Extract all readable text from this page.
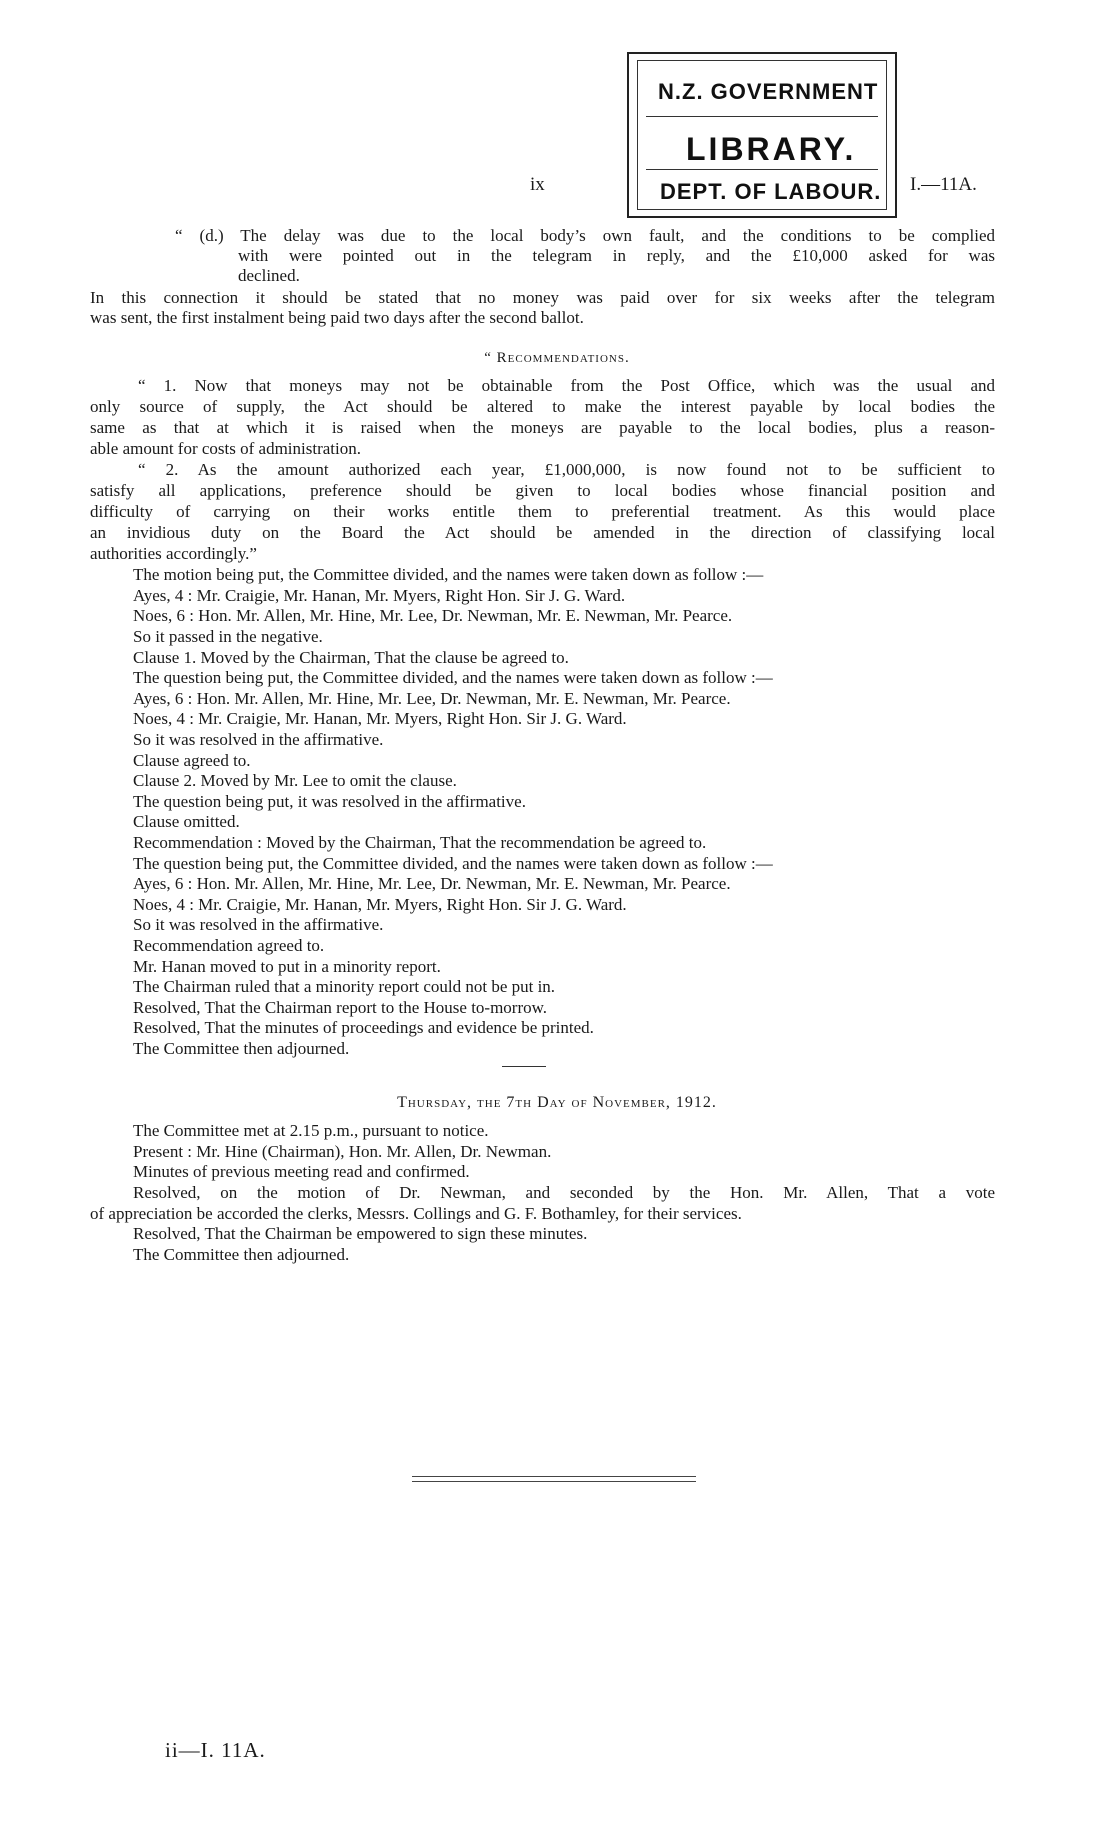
N.Z. GOVERNMENT
LIBRARY.
DEPT. OF LABOUR.
ix	I.—11A.
“ (d.) The delay was due to the local body’s own fault, and the conditions to be complied
with were pointed out in the telegram in reply, and the £10,000 asked for was
declined.
In this connection it should be stated that no money was paid over for six weeks after the telegram
was sent, the first instalment being paid two days after the second ballot.
“ Recommendations.
“ 1. Now that moneys may not be obtainable from the Post Office, which was the usual and
only source of supply, the Act should be altered to make the interest payable by local bodies the
same as that at which it is raised when the moneys are payable to the local bodies, plus a reason-
able amount for costs of administration.
“ 2. As the amount authorized each year, £1,000,000, is now found not to be sufficient to
satisfy all applications, preference should be given to local bodies whose financial position and
difficulty of carrying on their works entitle them to preferential treatment. As this would place
an invidious duty on the Board the Act should be amended in the direction of classifying local
authorities accordingly.”
The motion being put, the Committee divided, and the names were taken down as follow :—
Ayes, 4 : Mr. Craigie, Mr. Hanan, Mr. Myers, Right Hon. Sir J. G. Ward.
Noes, 6 : Hon. Mr. Allen, Mr. Hine, Mr. Lee, Dr. Newman, Mr. E. Newman, Mr. Pearce.
So it passed in the negative.
Clause 1. Moved by the Chairman, That the clause be agreed to.
The question being put, the Committee divided, and the names were taken down as follow :—
Ayes, 6 : Hon. Mr. Allen, Mr. Hine, Mr. Lee, Dr. Newman, Mr. E. Newman, Mr. Pearce.
Noes, 4 : Mr. Craigie, Mr. Hanan, Mr. Myers, Right Hon. Sir J. G. Ward.
So it was resolved in the affirmative.
Clause agreed to.
Clause 2. Moved by Mr. Lee to omit the clause.
The question being put, it was resolved in the affirmative.
Clause omitted.
Recommendation : Moved by the Chairman, That the recommendation be agreed to.
The question being put, the Committee divided, and the names were taken down as follow :—
Ayes, 6 : Hon. Mr. Allen, Mr. Hine, Mr. Lee, Dr. Newman, Mr. E. Newman, Mr. Pearce.
Noes, 4 : Mr. Craigie, Mr. Hanan, Mr. Myers, Right Hon. Sir J. G. Ward.
So it was resolved in the affirmative.
Recommendation agreed to.
Mr. Hanan moved to put in a minority report.
The Chairman ruled that a minority report could not be put in.
Resolved, That the Chairman report to the House to-morrow.
Resolved, That the minutes of proceedings and evidence be printed.
The Committee then adjourned.
Thursday, the 7th Day of November, 1912.
The Committee met at 2.15 p.m., pursuant to notice.
Present : Mr. Hine (Chairman), Hon. Mr. Allen, Dr. Newman.
Minutes of previous meeting read and confirmed.
Resolved, on the motion of Dr. Newman, and seconded by the Hon. Mr. Allen, That a vote
of appreciation be accorded the clerks, Messrs. Collings and G. F. Bothamley, for their services.
Resolved, That the Chairman be empowered to sign these minutes.
The Committee then adjourned.
ii—I. 11A.
